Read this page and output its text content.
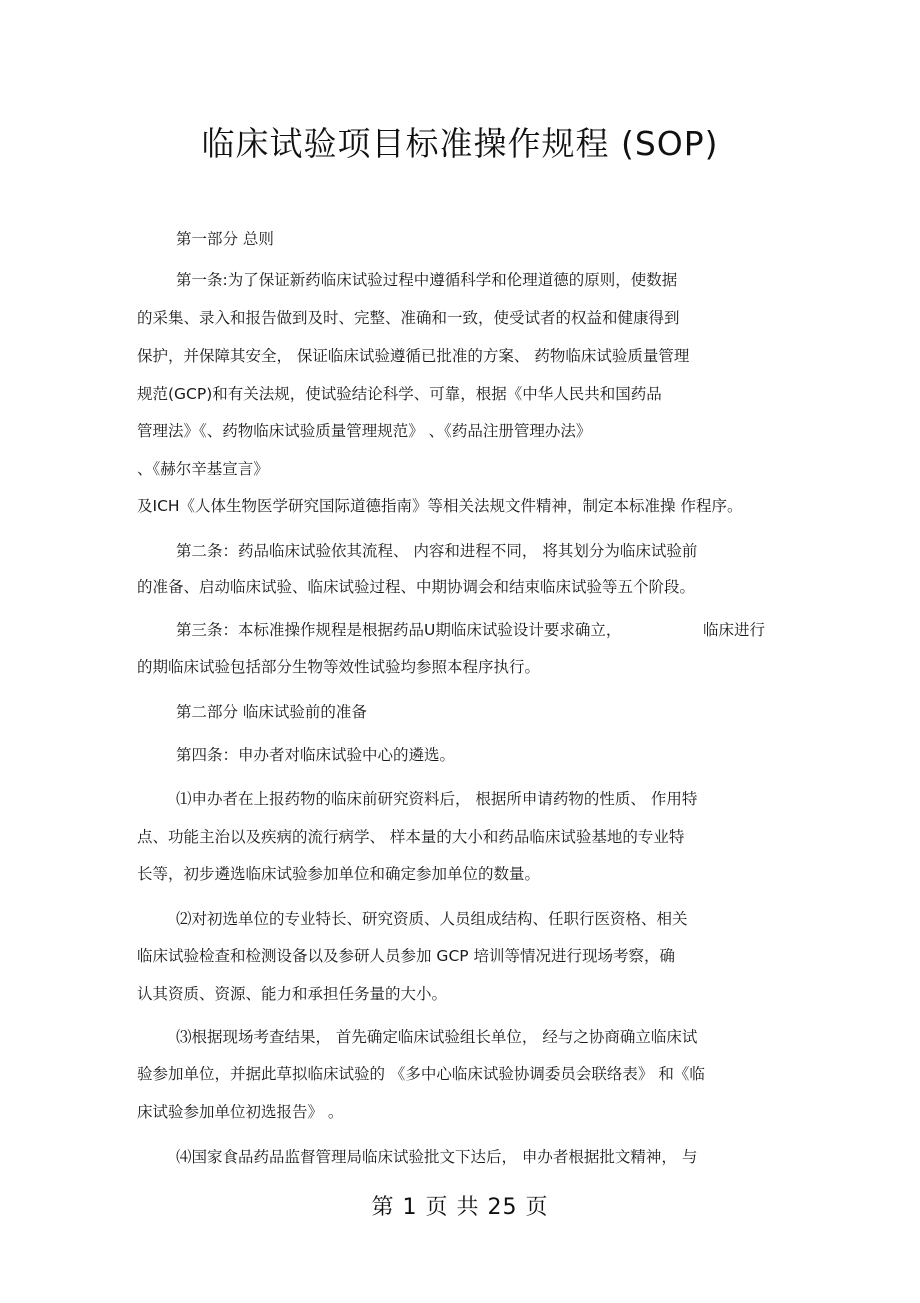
临床试验项目标准操作规程 (SOP)
第一部分 总则
第一条:为了保证新药临床试验过程中遵循科学和伦理道德的原则，使数据
的采集、录入和报告做到及时、完整、准确和一致，使受试者的权益和健康得到
保护，并保障其安全， 保证临床试验遵循已批准的方案、 药物临床试验质量管理
规范(GCP)和有关法规，使试验结论科学、可靠，根据《中华人民共和国药品
管理法》《、药物临床试验质量管理规范》 、《药品注册管理办法》
、《赫尔辛基宣言》
及ICH《人体生物医学研究国际道德指南》等相关法规文件精神，制定本标准操 作程序。
第二条：药品临床试验依其流程、 内容和进程不同， 将其划分为临床试验前
的准备、启动临床试验、临床试验过程、中期协调会和结束临床试验等五个阶段。
第三条：本标准操作规程是根据药品U期临床试验设计要求确立，	临床进行
的期临床试验包括部分生物等效性试验均参照本程序执行。
第二部分 临床试验前的准备
第四条：申办者对临床试验中心的遴选。
⑴申办者在上报药物的临床前研究资料后， 根据所申请药物的性质、 作用特
点、功能主治以及疾病的流行病学、 样本量的大小和药品临床试验基地的专业特
长等，初步遴选临床试验参加单位和确定参加单位的数量。
⑵对初选单位的专业特长、研究资质、人员组成结构、任职行医资格、相关
临床试验检查和检测设备以及参研人员参加 GCP 培训等情况进行现场考察，确
认其资质、资源、能力和承担任务量的大小。
⑶根据现场考查结果， 首先确定临床试验组长单位， 经与之协商确立临床试
验参加单位，并据此草拟临床试验的 《多中心临床试验协调委员会联络表》 和《临
床试验参加单位初选报告》 。
⑷国家食品药品监督管理局临床试验批文下达后， 申办者根据批文精神， 与
第 1 页 共 25 页
